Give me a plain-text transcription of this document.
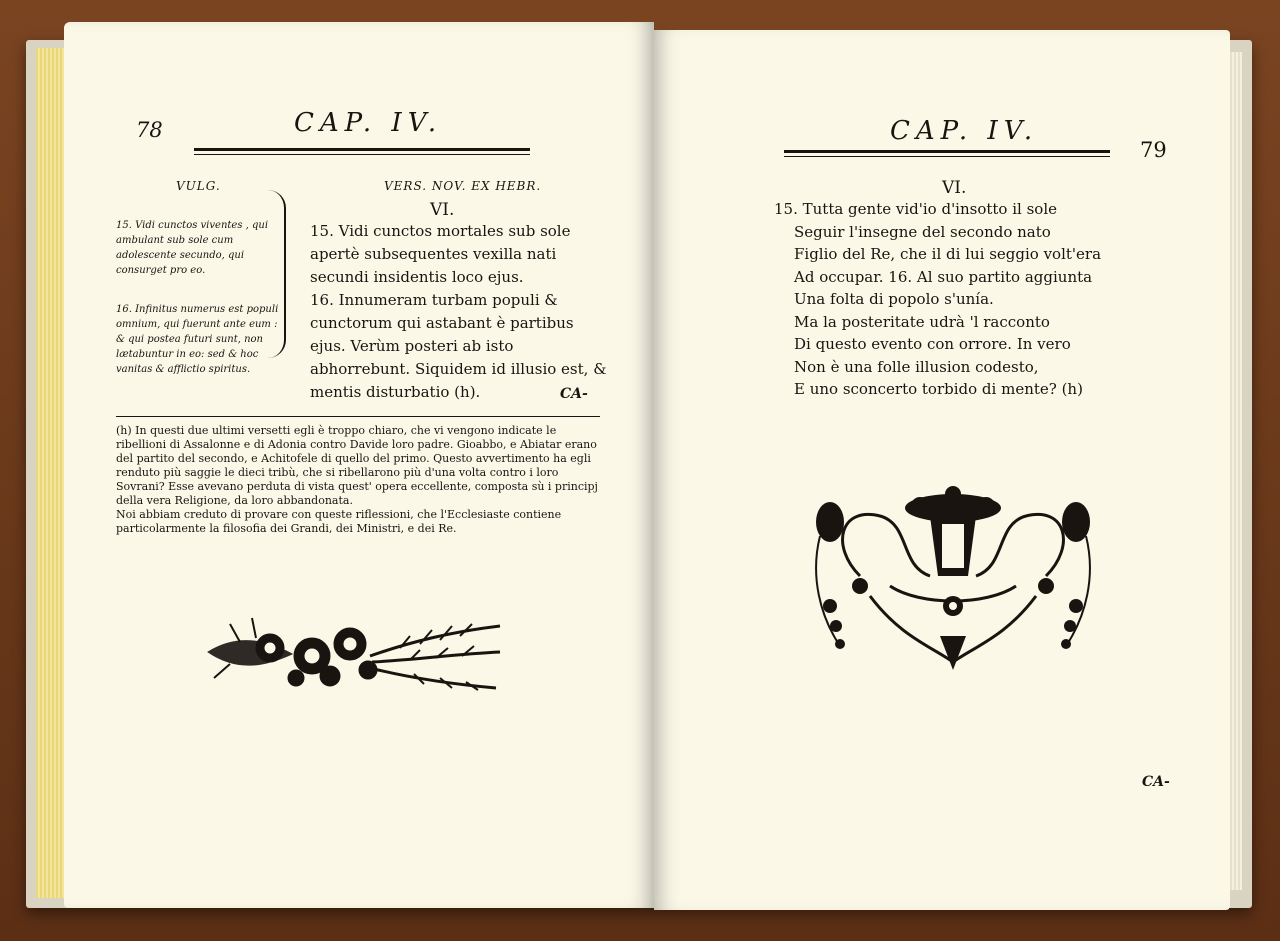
78	CAP. IV.
VULG.	VERS. NOV. EX HEBR.
VI.

15. Vidi cunctos viventes , qui ambulant sub sole cum adolescente secundo, qui consurget pro eo.

16. Infinitus numerus est populi omnium, qui fuerunt ante eum : & qui postea futuri sunt, non lætabuntur in eo: sed & hoc vanitas & afflictio spiritus.

15. Vidi cunctos mortales sub sole apertè subsequentes vexilla nati secundi insidentis loco ejus.

16. Innumeram turbam populi & cunctorum qui astabant è partibus ejus. Verùm posteri ab isto abhorrebunt. Siquidem id illusio est, & mentis disturbatio (h).	CA-

(h) In questi due ultimi versetti egli è troppo chiaro, che vi vengono indicate le ribellioni di Assalonne e di Adonia contro Davide loro padre. Gioabbo, e Abiatar erano del partito del secondo, e Achitofele di quello del primo. Questo avvertimento ha egli renduto più saggie le dieci tribù, che si ribellarono più d'una volta contro i loro Sovrani? Esse avevano perduta di vista quest' opera eccellente, composta sù i principj della vera Religione, da loro abbandonata.

Noi abbiam creduto di provare con queste riflessioni, che l'Ecclesiaste contiene particolarmente la filosofia dei Grandi, dei Ministri, e dei Re.

CAP. IV.
79
VI.

15. Tutta gente vid'io d'insotto il sole

Seguir l'insegne del secondo nato

Figlio del Re, che il di lui seggio volt'era

Ad occupar. 16. Al suo partito aggiunta

Una folta di popolo s'unía.

Ma la posteritate udrà 'l racconto

Di questo evento con orrore. In vero

Non è una folle illusion codesto,

E uno sconcerto torbido di mente? (h)

CA-
